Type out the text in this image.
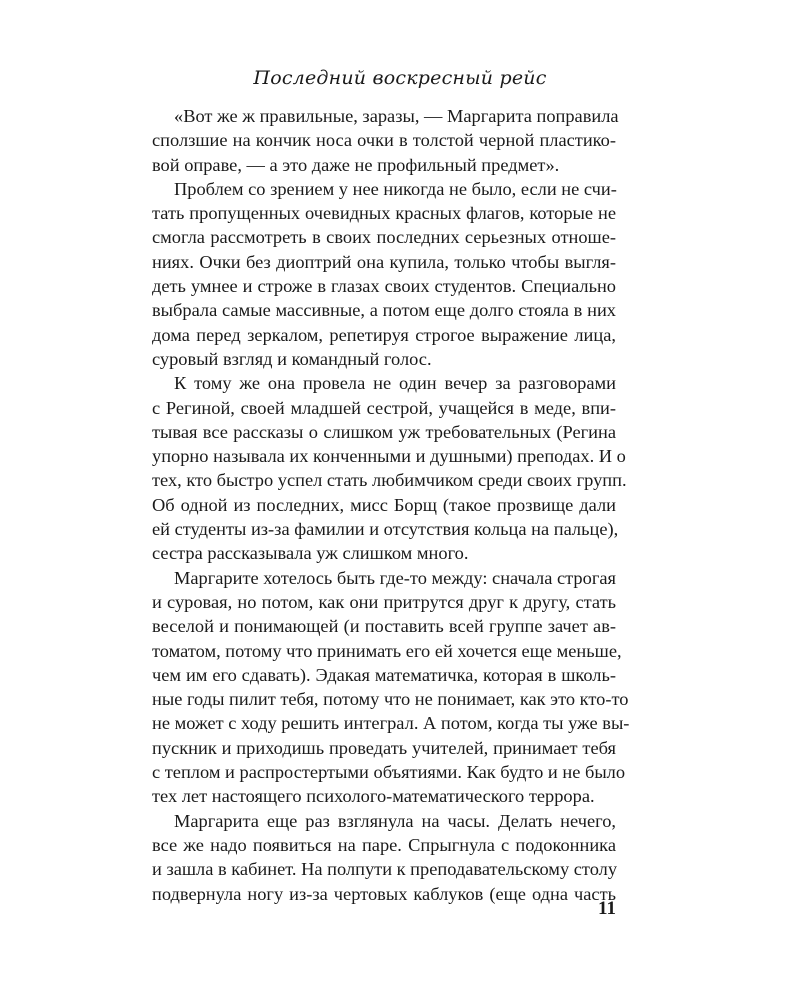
Последний воскресный рейс
«Вот же ж правильные, заразы, — Маргарита поправила
сползшие на кончик носа очки в толстой черной пластико-
вой оправе, — а это даже не профильный предмет».
Проблем со зрением у нее никогда не было, если не счи-
тать пропущенных очевидных красных флагов, которые не
смогла рассмотреть в своих последних серьезных отноше-
ниях. Очки без диоптрий она купила, только чтобы выгля-
деть умнее и строже в глазах своих студентов. Специально
выбрала самые массивные, а потом еще долго стояла в них
дома перед зеркалом, репетируя строгое выражение лица,
суровый взгляд и командный голос.
К тому же она провела не один вечер за разговорами
с Региной, своей младшей сестрой, учащейся в меде, впи-
тывая все рассказы о слишком уж требовательных (Регина
упорно называла их конченными и душными) преподах. И о
тех, кто быстро успел стать любимчиком среди своих групп.
Об одной из последних, мисс Борщ (такое прозвище дали
ей студенты из-за фамилии и отсутствия кольца на пальце),
сестра рассказывала уж слишком много.
Маргарите хотелось быть где-то между: сначала строгая
и суровая, но потом, как они притрутся друг к другу, стать
веселой и понимающей (и поставить всей группе зачет ав-
томатом, потому что принимать его ей хочется еще меньше,
чем им его сдавать). Эдакая математичка, которая в школь-
ные годы пилит тебя, потому что не понимает, как это кто-то
не может с ходу решить интеграл. А потом, когда ты уже вы-
пускник и приходишь проведать учителей, принимает тебя
с теплом и распростертыми объятиями. Как будто и не было
тех лет настоящего психолого-математического террора.
Маргарита еще раз взглянула на часы. Делать нечего,
все же надо появиться на паре. Спрыгнула с подоконника
и зашла в кабинет. На полпути к преподавательскому столу
подвернула ногу из-за чертовых каблуков (еще одна часть
11
